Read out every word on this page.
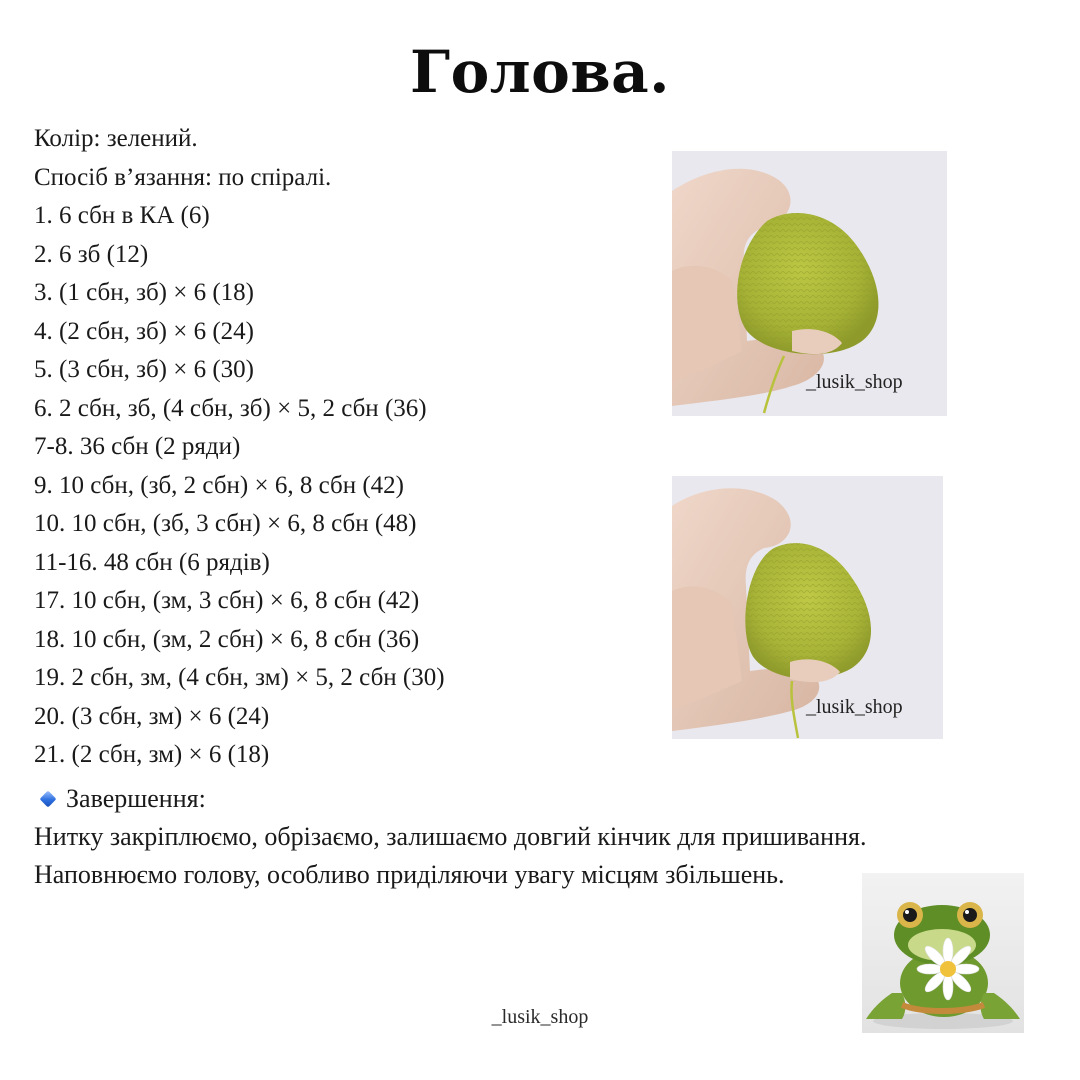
Голова.
Колір: зелений.
Спосіб в’язання: по спіралі.
1. 6 сбн в КА (6)
2. 6 зб (12)
3. (1 сбн, зб) × 6 (18)
4. (2 сбн, зб) × 6 (24)
5. (3 сбн, зб) × 6 (30)
6. 2 сбн, зб, (4 сбн, зб) × 5, 2 сбн (36)
7-8. 36 сбн (2 ряди)
9. 10 сбн, (зб, 2 сбн) × 6, 8 сбн (42)
10. 10 сбн, (зб, 3 сбн) × 6, 8 сбн (48)
11-16. 48 сбн (6 рядів)
17. 10 сбн, (зм, 3 сбн) × 6, 8 сбн (42)
18. 10 сбн, (зм, 2 сбн) × 6, 8 сбн (36)
19. 2 сбн, зм, (4 сбн, зм) × 5, 2 сбн (30)
20. (3 сбн, зм) × 6 (24)
21. (2 сбн, зм) × 6 (18)
Завершення:

Нитку закріплюємо, обрізаємо, залишаємо довгий кінчик для пришивання.

Наповнюємо голову, особливо приділяючи увагу місцям збільшень.

_lusik_shop
_lusik_shop
_lusik_shop
